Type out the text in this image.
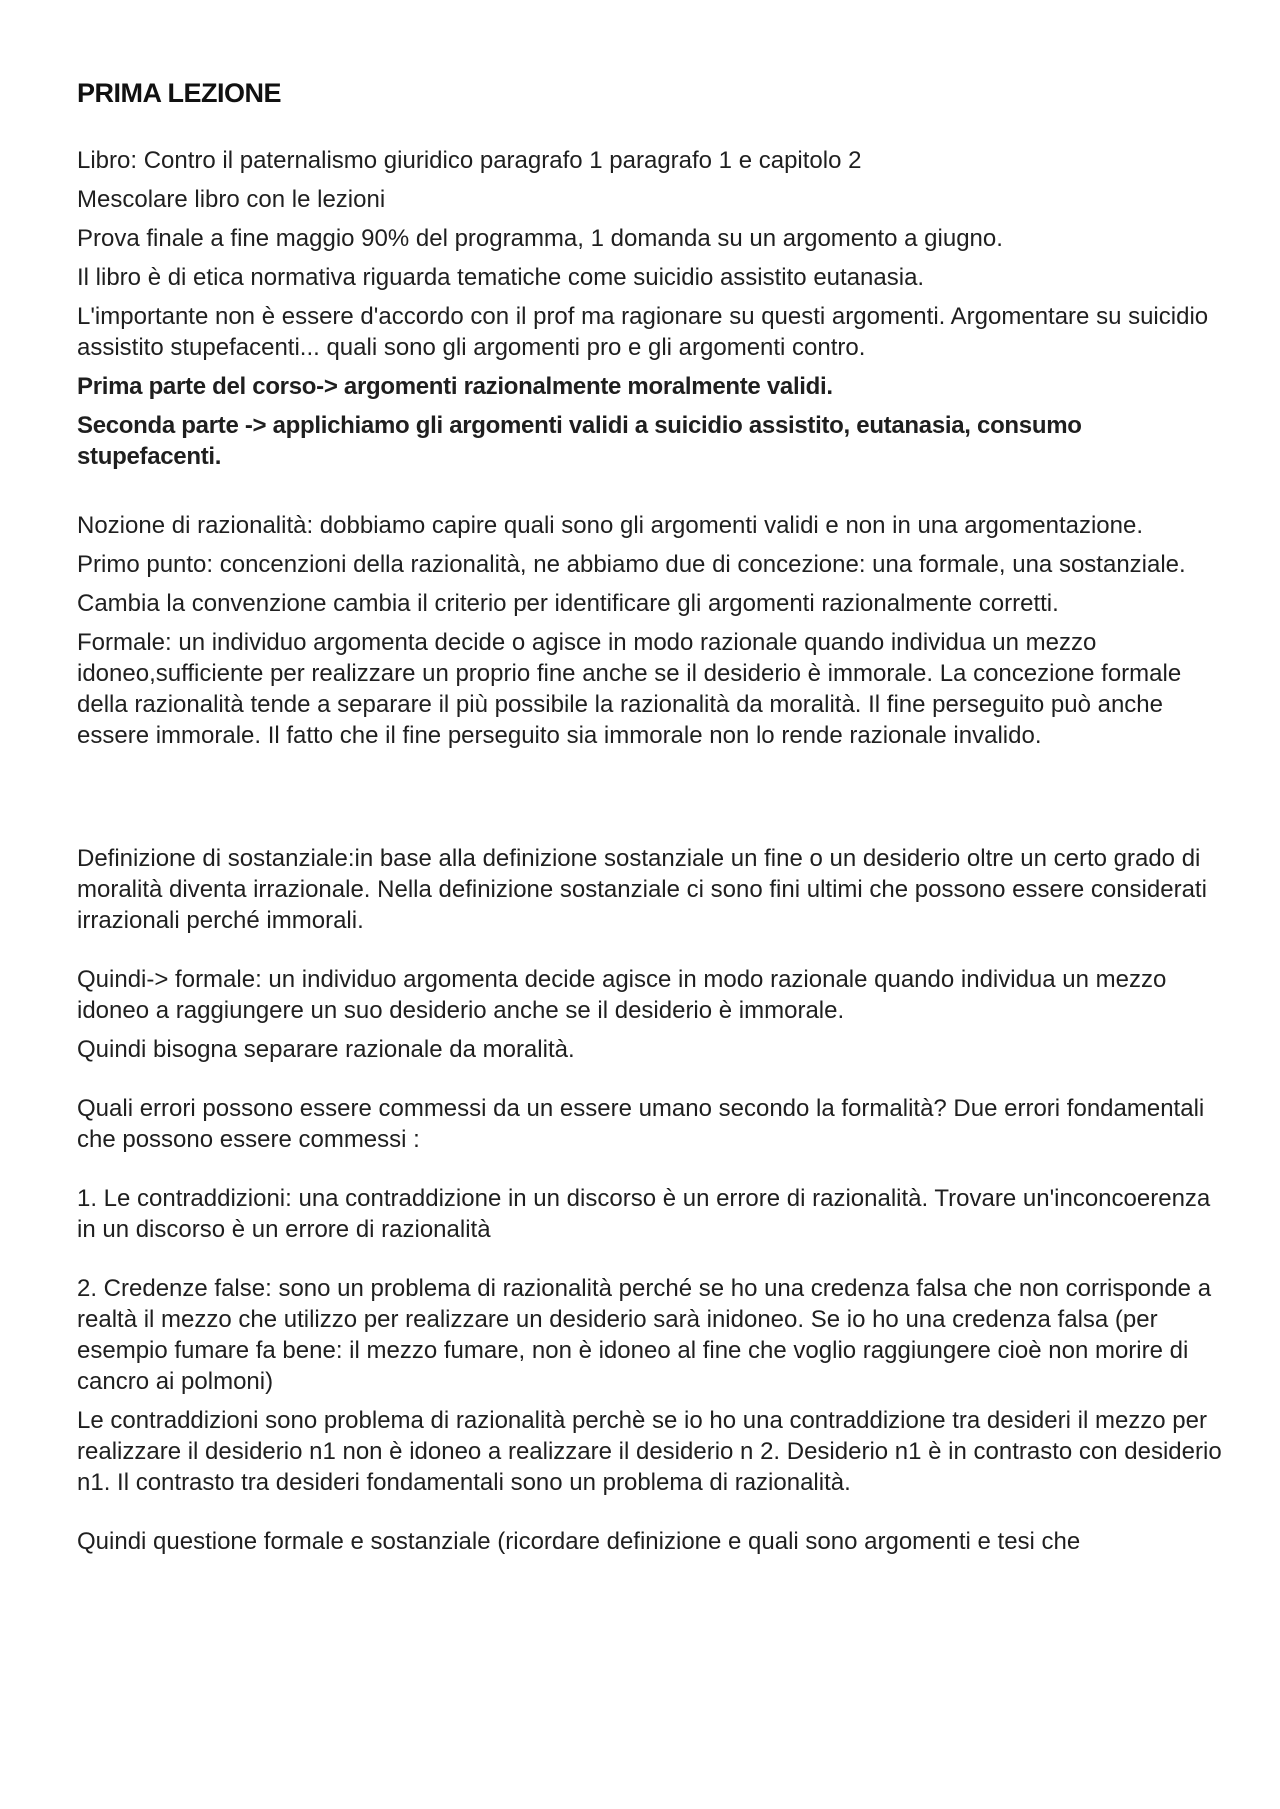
PRIMA LEZIONE
Libro: Contro il paternalismo giuridico paragrafo 1 paragrafo 1 e capitolo 2
Mescolare libro con le lezioni
Prova finale a fine maggio 90% del programma, 1 domanda su un argomento a giugno.
Il libro è di etica normativa riguarda tematiche come suicidio assistito eutanasia.
L'importante non è essere d'accordo con il prof ma ragionare su questi argomenti. Argomentare su suicidio assistito stupefacenti... quali sono gli argomenti pro e gli argomenti contro.
Prima parte del corso-> argomenti razionalmente moralmente validi.
Seconda parte -> applichiamo gli argomenti validi a suicidio assistito, eutanasia, consumo stupefacenti.
Nozione di razionalità: dobbiamo capire quali sono gli argomenti validi e non in una argomentazione.
Primo punto: concenzioni della razionalità, ne abbiamo due di concezione: una formale, una sostanziale.
Cambia la convenzione cambia il criterio per identificare gli argomenti razionalmente corretti.
Formale: un individuo argomenta decide o agisce in modo razionale quando individua un mezzo idoneo,sufficiente per realizzare un proprio fine anche se il desiderio è immorale. La concezione formale della razionalità tende a separare il più possibile la razionalità da moralità. Il fine perseguito può anche essere immorale. Il fatto che il fine perseguito sia immorale non lo rende razionale invalido.
Definizione di sostanziale:in base alla definizione sostanziale un fine o un desiderio oltre un certo grado di moralità diventa irrazionale. Nella definizione sostanziale ci sono fini ultimi che possono essere considerati irrazionali perché immorali.
Quindi-> formale: un individuo argomenta decide agisce in modo razionale quando individua un mezzo idoneo a raggiungere un suo desiderio anche se il desiderio è immorale.
Quindi bisogna separare razionale da moralità.
Quali errori possono essere commessi da un essere umano secondo la formalità? Due errori fondamentali che possono essere commessi :
1. Le contraddizioni: una contraddizione in un discorso è un errore di razionalità. Trovare un'inconcoerenza in un discorso è un errore di razionalità
2. Credenze false: sono un problema di razionalità perché se ho una credenza falsa che non corrisponde a realtà il mezzo che utilizzo per realizzare un desiderio sarà inidoneo. Se io ho una credenza falsa (per esempio fumare fa bene: il mezzo fumare, non è idoneo al fine che voglio raggiungere cioè non morire di cancro ai polmoni)
Le contraddizioni sono problema di razionalità perchè se io ho una contraddizione tra desideri il mezzo per realizzare il desiderio n1 non è idoneo a realizzare il desiderio n 2. Desiderio n1 è in contrasto con desiderio n1. Il contrasto tra desideri fondamentali sono un problema di razionalità.
Quindi questione formale e sostanziale (ricordare definizione e quali sono argomenti e tesi che
